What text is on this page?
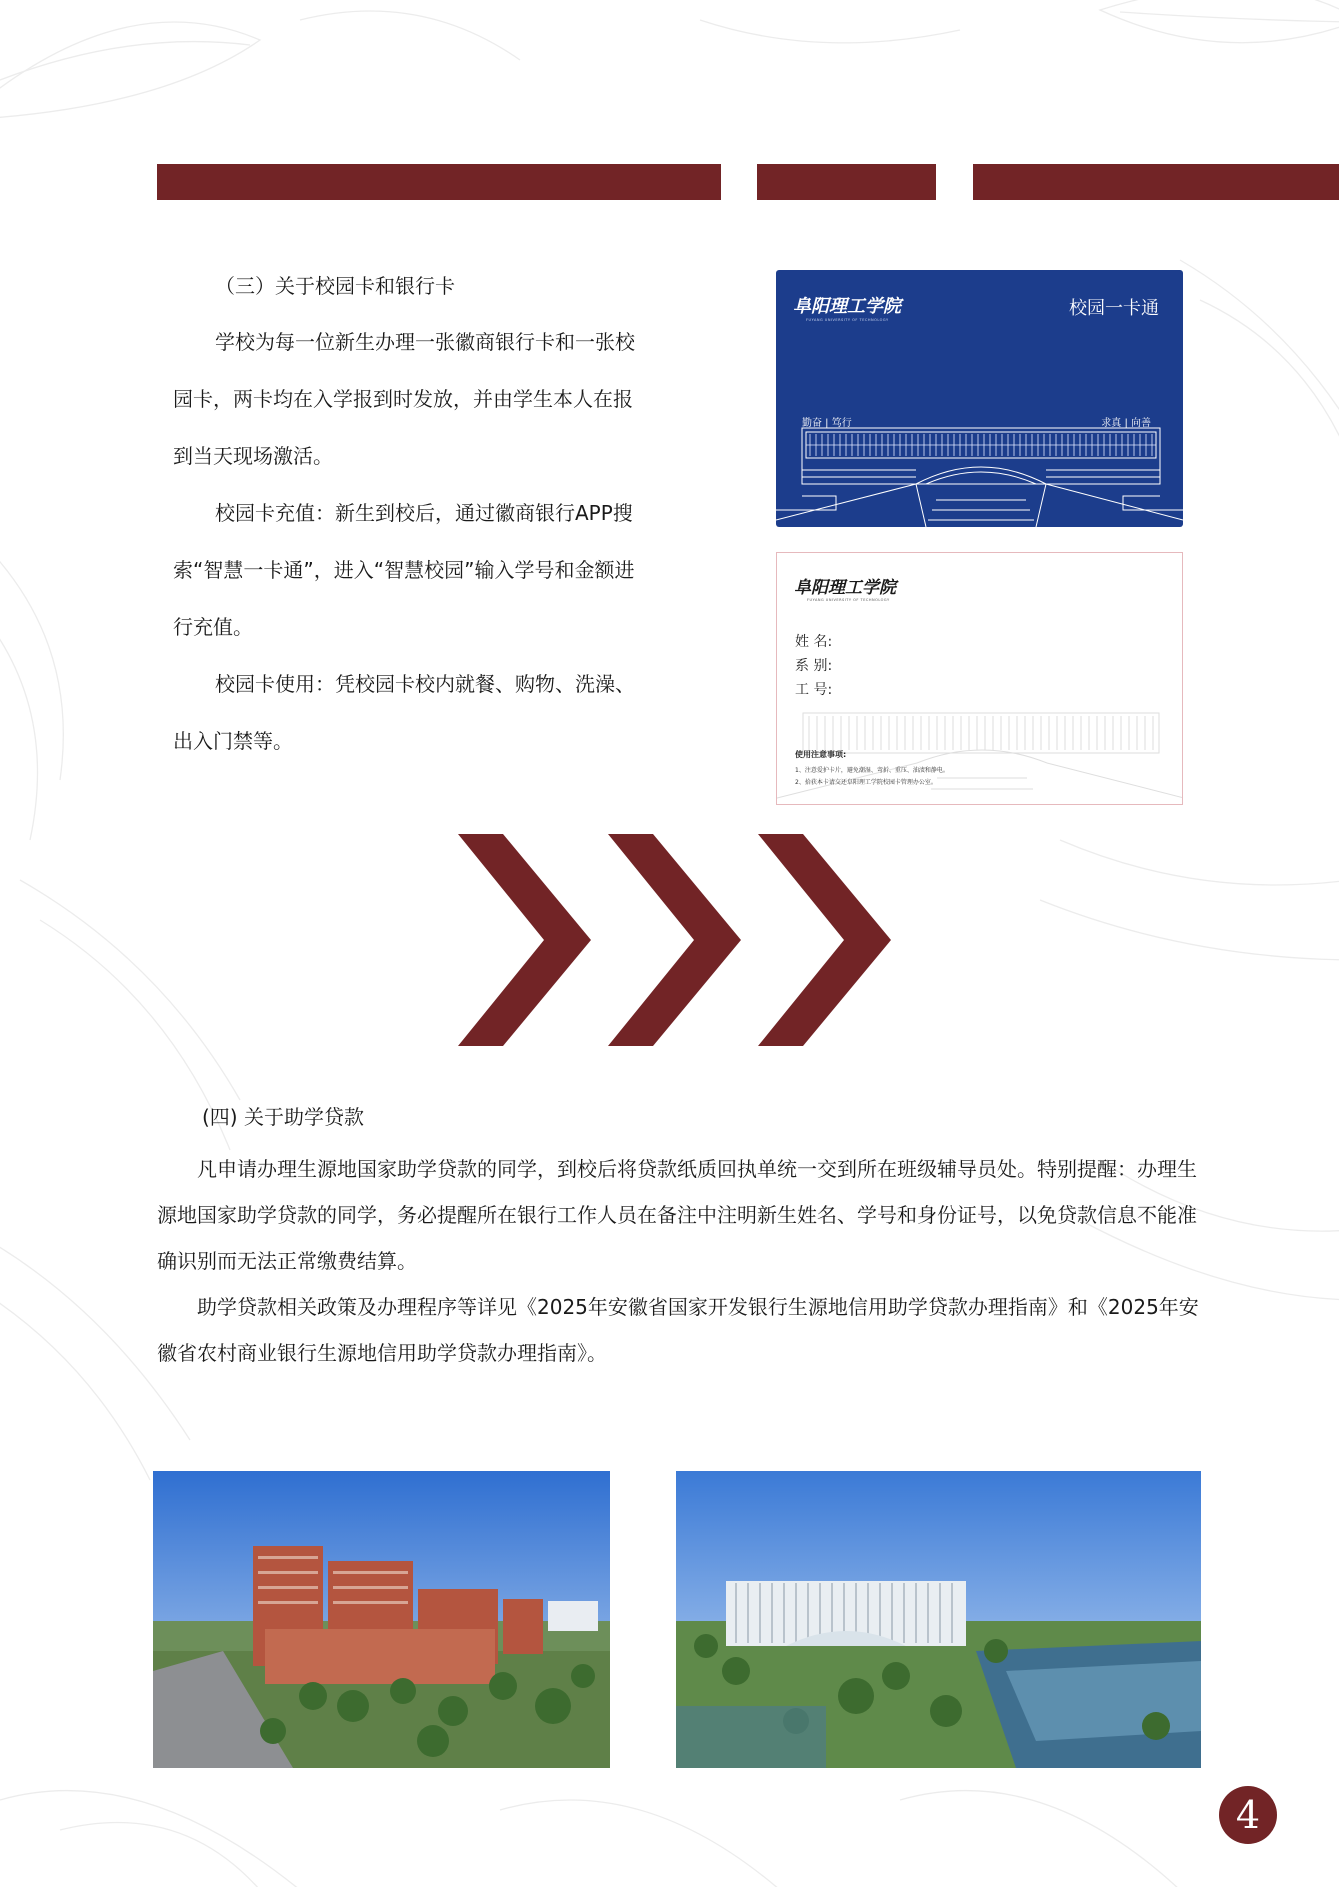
（三）关于校园卡和银行卡
学校为每一位新生办理一张徽商银行卡和一张校
园卡，两卡均在入学报到时发放，并由学生本人在报
到当天现场激活。
校园卡充值：新生到校后，通过徽商银行APP搜
索“智慧一卡通”，进入“智慧校园”输入学号和金额进
行充值。
校园卡使用：凭校园卡校内就餐、购物、洗澡、
出入门禁等。
阜阳理工学院
FUYANG UNIVERSITY OF TECHNOLOGY
校园一卡通
勤奋 | 笃行	求真 | 向善
阜阳理工学院
FUYANG UNIVERSITY OF TECHNOLOGY
姓 名:
系 别:
工 号:
使用注意事项:
1、注意爱护卡片，避免潮湿、弯折、重压、油渍和静电。
2、拾获本卡请交还阜阳理工学院校园卡管理办公室。
(四) 关于助学贷款

凡申请办理生源地国家助学贷款的同学，到校后将贷款纸质回执单统一交到所在班级辅导员处。特别提醒：办理生源地国家助学贷款的同学，务必提醒所在银行工作人员在备注中注明新生姓名、学号和身份证号，以免贷款信息不能准确识别而无法正常缴费结算。

助学贷款相关政策及办理程序等详见《2025年安徽省国家开发银行生源地信用助学贷款办理指南》和《2025年安徽省农村商业银行生源地信用助学贷款办理指南》。

4
